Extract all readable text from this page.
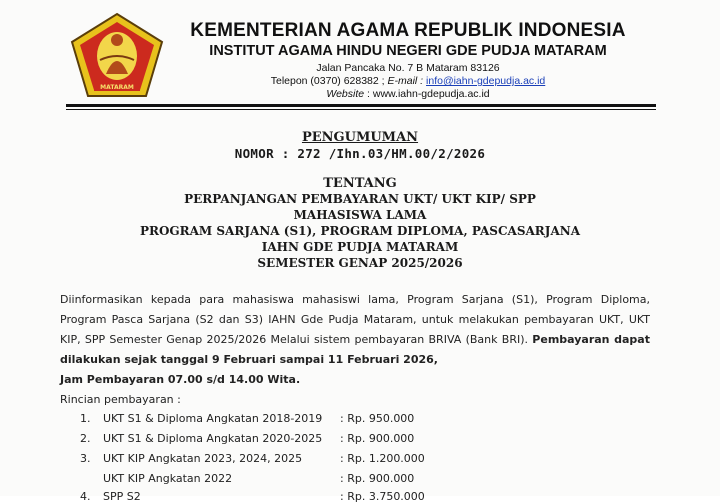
MATARAM
KEMENTERIAN AGAMA REPUBLIK INDONESIA
INSTITUT AGAMA HINDU NEGERI GDE PUDJA MATARAM
Jalan Pancaka No. 7 B Mataram 83126
Telepon (0370) 628382 ; E-mail : info@iahn-gdepudja.ac.id
Website : www.iahn-gdepudja.ac.id
PENGUMUMAN
NOMOR : 272 /Ihn.03/HM.00/2/2026
TENTANG
PERPANJANGAN PEMBAYARAN UKT/ UKT KIP/ SPP
MAHASISWA LAMA
PROGRAM SARJANA (S1), PROGRAM DIPLOMA, PASCASARJANA
IAHN GDE PUDJA MATARAM
SEMESTER GENAP 2025/2026
Diinformasikan kepada para mahasiswa mahasiswi lama, Program Sarjana (S1), Program Diploma,
Program Pasca Sarjana (S2 dan S3) IAHN Gde Pudja Mataram, untuk melakukan pembayaran UKT, UKT
KIP, SPP Semester Genap 2025/2026 Melalui sistem pembayaran BRIVA (Bank BRI). Pembayaran dapat
dilakukan sejak tanggal 9 Februari sampai 11 Februari 2026,
Jam Pembayaran 07.00 s/d 14.00 Wita.
Rincian pembayaran :
1. UKT S1 & Diploma Angkatan 2018-2019 : Rp. 950.000
2. UKT S1 & Diploma Angkatan 2020-2025 : Rp. 900.000
3. UKT KIP Angkatan 2023, 2024, 2025	: Rp. 1.200.000
UKT KIP Angkatan 2022	: Rp. 900.000
4. SPP S2	: Rp. 3.750.000
